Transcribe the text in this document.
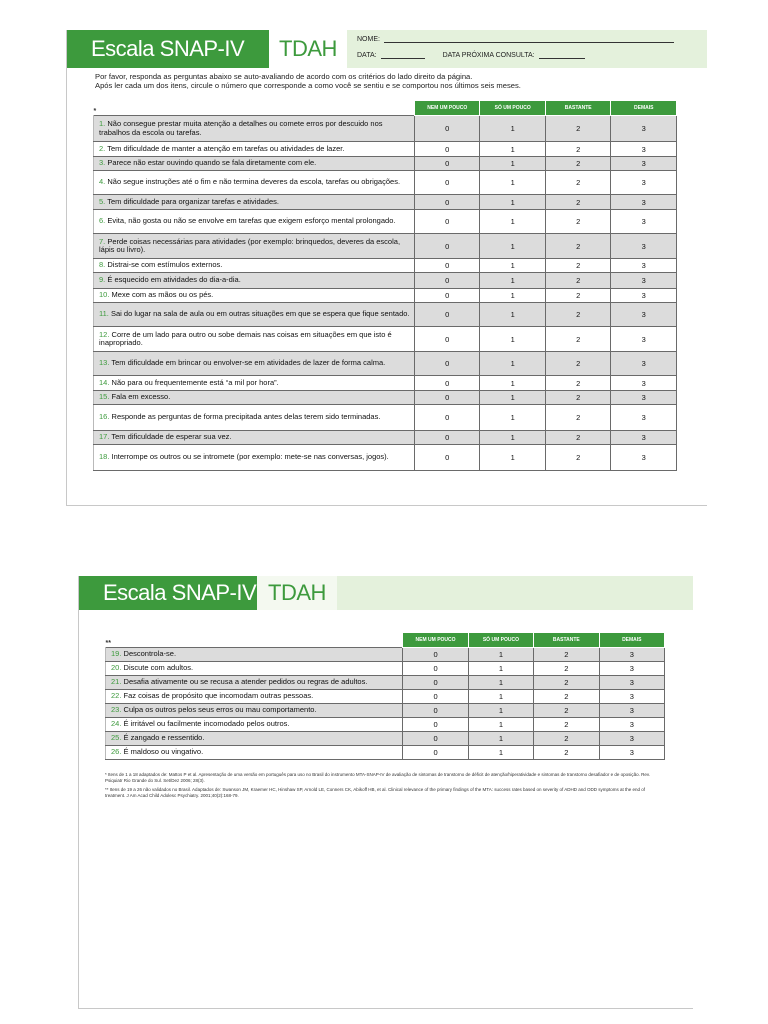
Escala SNAP-IV	TDAH	NOME:
DATA:	DATA PRÓXIMA CONSULTA:
Por favor, responda as perguntas abaixo se auto-avaliando de acordo com os critérios do lado direito da página.
Após ler cada um dos itens, circule o número que corresponde a como você se sentiu e se comportou nos últimos seis meses.
*	NEM UM POUCO	SÓ UM POUCO	BASTANTE	DEMAIS
1. Não consegue prestar muita atenção a detalhes ou comete erros por descuido nos trabalhos da escola ou tarefas.	0	1	2	3
2. Tem dificuldade de manter a atenção em tarefas ou atividades de lazer.	0	1	2	3
3. Parece não estar ouvindo quando se fala diretamente com ele.	0	1	2	3
4. Não segue instruções até o fim e não termina deveres da escola, tarefas ou obrigações.	0	1	2	3
5. Tem dificuldade para organizar tarefas e atividades.	0	1	2	3
6. Evita, não gosta ou não se envolve em tarefas que exigem esforço mental prolongado.	0	1	2	3
7. Perde coisas necessárias para atividades (por exemplo: brinquedos, deveres da escola, lápis ou livro).	0	1	2	3
8. Distrai-se com estímulos externos.	0	1	2	3
9. É esquecido em atividades do dia-a-dia.	0	1	2	3
10. Mexe com as mãos ou os pés.	0	1	2	3
11. Sai do lugar na sala de aula ou em outras situações em que se espera que fique sentado.	0	1	2	3
12. Corre de um lado para outro ou sobe demais nas coisas em situações em que isto é inapropriado.	0	1	2	3
13. Tem dificuldade em brincar ou envolver-se em atividades de lazer de forma calma.	0	1	2	3
14. Não para ou frequentemente está “a mil por hora”.	0	1	2	3
15. Fala em excesso.	0	1	2	3
16. Responde as perguntas de forma precipitada antes delas terem sido terminadas.	0	1	2	3
17. Tem dificuldade de esperar sua vez.	0	1	2	3
18. Interrompe os outros ou se intromete (por exemplo: mete-se nas conversas, jogos).	0	1	2	3
Escala SNAP-IV TDAH
**	NEM UM POUCO	SÓ UM POUCO	BASTANTE	DEMAIS
19. Descontrola-se.	0	1	2	3
20. Discute com adultos.	0	1	2	3
21. Desafia ativamente ou se recusa a atender pedidos ou regras de adultos.	0	1	2	3
22. Faz coisas de propósito que incomodam outras pessoas.	0	1	2	3
23. Culpa os outros pelos seus erros ou mau comportamento.	0	1	2	3
24. É irritável ou facilmente incomodado pelos outros.	0	1	2	3
25. É zangado e ressentido.	0	1	2	3
26. É maldoso ou vingativo.	0	1	2	3

* Itens de 1 a 18 adaptados de: Mattos P et al. Apresentação de uma versão em português para uso no Brasil do instrumento MTA-SNAP-IV de avaliação de sintomas de transtorno de déficit de atenção/hiperatividade e sintomas de transtorno desafiador e de oposição. Rev. Psiquiatr Rio Grande do Sul. Set/Dez 2006; 28(3).

** Itens de 19 a 26 não validados no Brasil. Adaptados de: Swanson JM, Kraemer HC, Hinshaw SP, Arnold LE, Conners CK, Abikoff HB, et al. Clinical relevance of the primary findings of the MTA: success rates based on severity of ADHD and ODD symptoms at the end of treatment. J Am Acad Child Adolesc Psychiatry. 2001;40(2):168-79.
